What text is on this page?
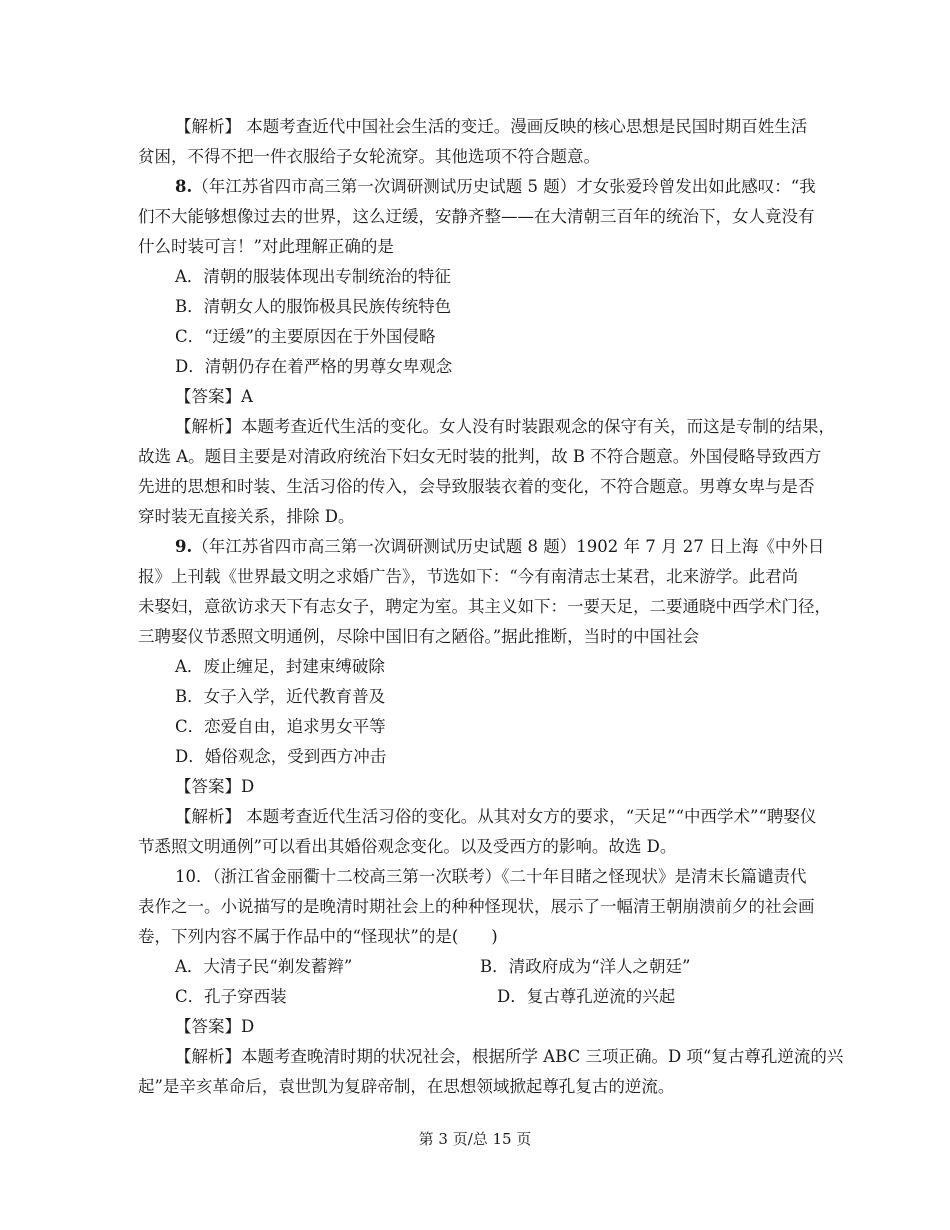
【解析】 本题考查近代中国社会生活的变迁。漫画反映的核心思想是民国时期百姓生活
贫困，不得不把一件衣服给子女轮流穿。其他选项不符合题意。
8.（年江苏省四市高三第一次调研测试历史试题 5 题）才女张爱玲曾发出如此感叹：“我
们不大能够想像过去的世界，这么迂缓，安静齐整——在大清朝三百年的统治下，女人竟没有
什么时装可言！”对此理解正确的是
A．清朝的服装体现出专制统治的特征
B．清朝女人的服饰极具民族传统特色
C．“迂缓”的主要原因在于外国侵略
D．清朝仍存在着严格的男尊女卑观念
【答案】A
【解析】本题考查近代生活的变化。女人没有时装跟观念的保守有关，而这是专制的结果，
故选 A。题目主要是对清政府统治下妇女无时装的批判，故 B 不符合题意。外国侵略导致西方
先进的思想和时装、生活习俗的传入，会导致服装衣着的变化，不符合题意。男尊女卑与是否
穿时装无直接关系，排除 D。
9.（年江苏省四市高三第一次调研测试历史试题 8 题）1902 年 7 月 27 日上海《中外日
报》上刊载《世界最文明之求婚广告》，节选如下：“今有南清志士某君，北来游学。此君尚
未娶妇，意欲访求天下有志女子，聘定为室。其主义如下：一要天足，二要通晓中西学术门径，
三聘娶仪节悉照文明通例，尽除中国旧有之陋俗。”据此推断，当时的中国社会
A．废止缠足，封建束缚破除
B．女子入学，近代教育普及
C．恋爱自由，追求男女平等
D．婚俗观念，受到西方冲击
【答案】D
【解析】 本题考查近代生活习俗的变化。从其对女方的要求，“天足”“中西学术”“聘娶仪
节悉照文明通例”可以看出其婚俗观念变化。以及受西方的影响。故选 D。
10．（浙江省金丽衢十二校高三第一次联考）《二十年目睹之怪现状》是清末长篇谴责代
表作之一。小说描写的是晚清时期社会上的种种怪现状，展示了一幅清王朝崩溃前夕的社会画
卷，下列内容不属于作品中的“怪现状”的是(　　)
A．大清子民“剃发蓄辫”	B．清政府成为“洋人之朝廷”
C．孔子穿西装	D．复古尊孔逆流的兴起
【答案】D
【解析】本题考查晚清时期的状况社会，根据所学 ABC 三项正确。D 项“复古尊孔逆流的兴
起”是辛亥革命后，袁世凯为复辟帝制，在思想领域掀起尊孔复古的逆流。
第 3 页/总 15 页
